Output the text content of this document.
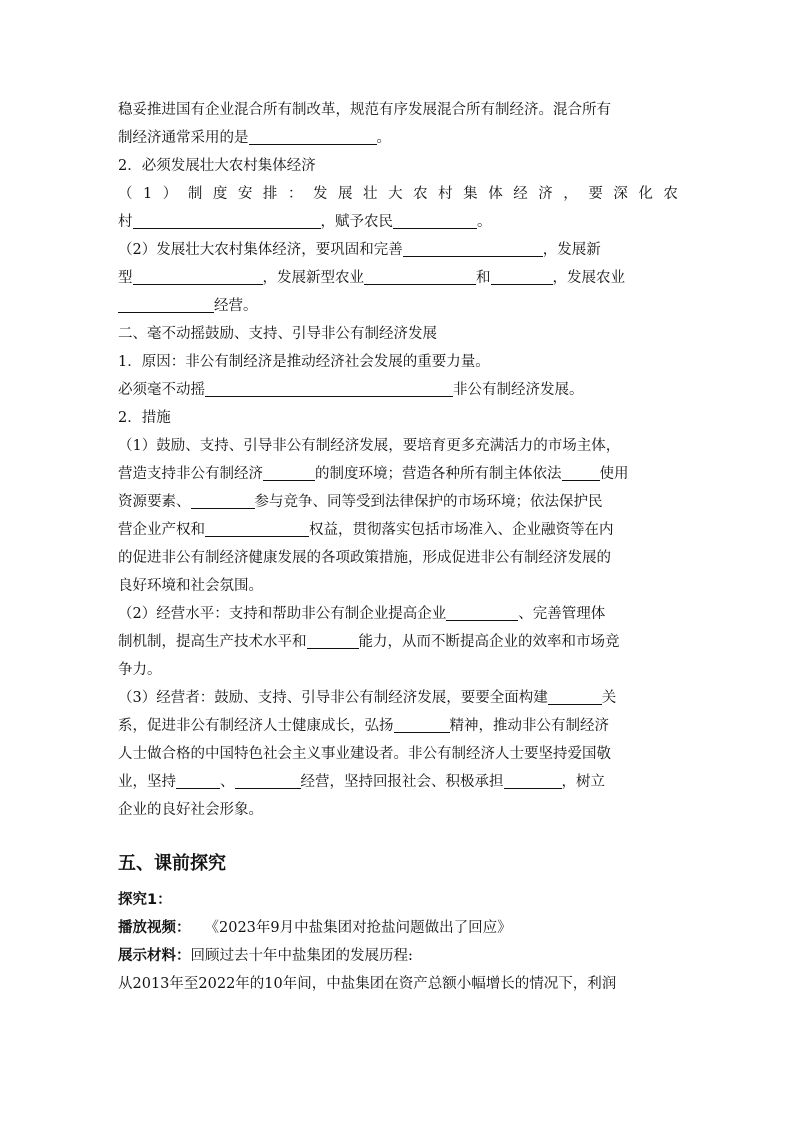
稳妥推进国有企业混合所有制改革，规范有序发展混合所有制经济。混合所有
制经济通常采用的是	。
2．必须发展壮大农村集体经济
（ 1 ） 制 度 安 排 ： 发 展 壮 大 农 村 集 体 经 济 ， 要 深 化 农
村	，赋予农民	。
（2）发展壮大农村集体经济，要巩固和完善	，发展新
型	，发展新型农业	和	，发展农业
经营。
二、毫不动摇鼓励、支持、引导非公有制经济发展
1．原因：非公有制经济是推动经济社会发展的重要力量。
必须毫不动摇	非公有制经济发展。
2．措施
（1）鼓励、支持、引导非公有制经济发展，要培育更多充满活力的市场主体，
营造支持非公有制经济	的制度环境；营造各种所有制主体依法	使用
资源要素、	参与竞争、同等受到法律保护的市场环境；依法保护民
营企业产权和	权益，贯彻落实包括市场准入、企业融资等在内
的促进非公有制经济健康发展的各项政策措施，形成促进非公有制经济发展的
良好环境和社会氛围。
（2）经营水平：支持和帮助非公有制企业提高企业	、完善管理体
制机制，提高生产技术水平和	能力，从而不断提高企业的效率和市场竞
争力。
（3）经营者：鼓励、支持、引导非公有制经济发展，要要全面构建	关
系，促进非公有制经济人士健康成长，弘扬	精神，推动非公有制经济
人士做合格的中国特色社会主义事业建设者。非公有制经济人士要坚持爱国敬
业，坚持	、	经营，坚持回报社会、积极承担	，树立
企业的良好社会形象。
五、课前探究
探究1：
播放视频： 《2023年9月中盐集团对抢盐问题做出了回应》
展示材料：回顾过去十年中盐集团的发展历程:
从2013年至2022年的10年间，中盐集团在资产总额小幅增长的情况下，利润
